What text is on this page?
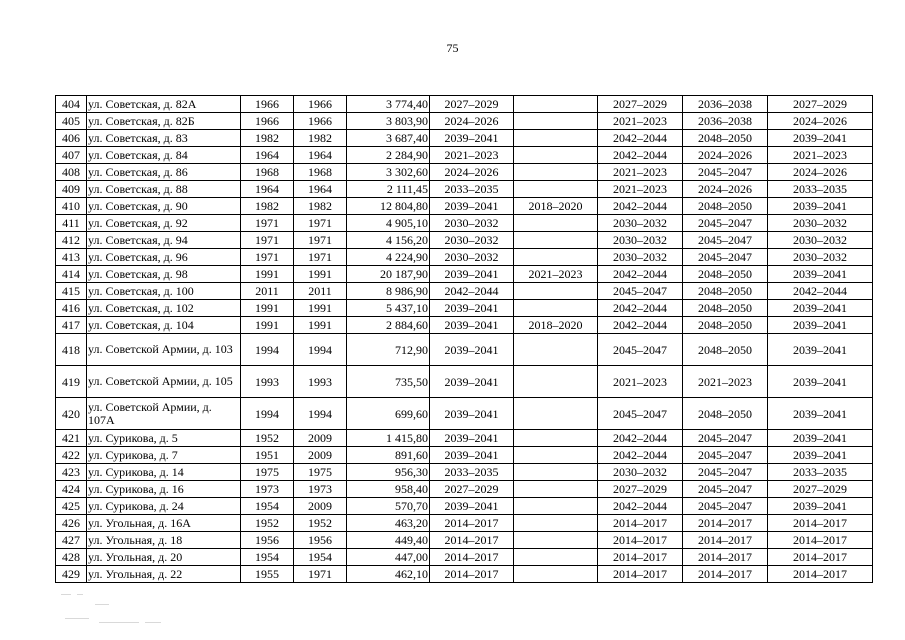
75
404	ул. Советская, д. 82А	1966	1966	3 774,40	2027–2029		2027–2029	2036–2038	2027–2029
405	ул. Советская, д. 82Б	1966	1966	3 803,90	2024–2026		2021–2023	2036–2038	2024–2026
406	ул. Советская, д. 83	1982	1982	3 687,40	2039–2041		2042–2044	2048–2050	2039–2041
407	ул. Советская, д. 84	1964	1964	2 284,90	2021–2023		2042–2044	2024–2026	2021–2023
408	ул. Советская, д. 86	1968	1968	3 302,60	2024–2026		2021–2023	2045–2047	2024–2026
409	ул. Советская, д. 88	1964	1964	2 111,45	2033–2035		2021–2023	2024–2026	2033–2035
410	ул. Советская, д. 90	1982	1982	12 804,80	2039–2041	2018–2020	2042–2044	2048–2050	2039–2041
411	ул. Советская, д. 92	1971	1971	4 905,10	2030–2032		2030–2032	2045–2047	2030–2032
412	ул. Советская, д. 94	1971	1971	4 156,20	2030–2032		2030–2032	2045–2047	2030–2032
413	ул. Советская, д. 96	1971	1971	4 224,90	2030–2032		2030–2032	2045–2047	2030–2032
414	ул. Советская, д. 98	1991	1991	20 187,90	2039–2041	2021–2023	2042–2044	2048–2050	2039–2041
415	ул. Советская, д. 100	2011	2011	8 986,90	2042–2044		2045–2047	2048–2050	2042–2044
416	ул. Советская, д. 102	1991	1991	5 437,10	2039–2041		2042–2044	2048–2050	2039–2041
417	ул. Советская, д. 104	1991	1991	2 884,60	2039–2041	2018–2020	2042–2044	2048–2050	2039–2041
418	ул. Советской Армии, д. 103	1994	1994	712,90	2039–2041		2045–2047	2048–2050	2039–2041
419	ул. Советской Армии, д. 105	1993	1993	735,50	2039–2041		2021–2023	2021–2023	2039–2041
420	ул. Советской Армии, д. 107А	1994	1994	699,60	2039–2041		2045–2047	2048–2050	2039–2041
421	ул. Сурикова, д. 5	1952	2009	1 415,80	2039–2041		2042–2044	2045–2047	2039–2041
422	ул. Сурикова, д. 7	1951	2009	891,60	2039–2041		2042–2044	2045–2047	2039–2041
423	ул. Сурикова, д. 14	1975	1975	956,30	2033–2035		2030–2032	2045–2047	2033–2035
424	ул. Сурикова, д. 16	1973	1973	958,40	2027–2029		2027–2029	2045–2047	2027–2029
425	ул. Сурикова, д. 24	1954	2009	570,70	2039–2041		2042–2044	2045–2047	2039–2041
426	ул. Угольная, д. 16А	1952	1952	463,20	2014–2017		2014–2017	2014–2017	2014–2017
427	ул. Угольная, д. 18	1956	1956	449,40	2014–2017		2014–2017	2014–2017	2014–2017
428	ул. Угольная, д. 20	1954	1954	447,00	2014–2017		2014–2017	2014–2017	2014–2017
429	ул. Угольная, д. 22	1955	1971	462,10	2014–2017		2014–2017	2014–2017	2014–2017
